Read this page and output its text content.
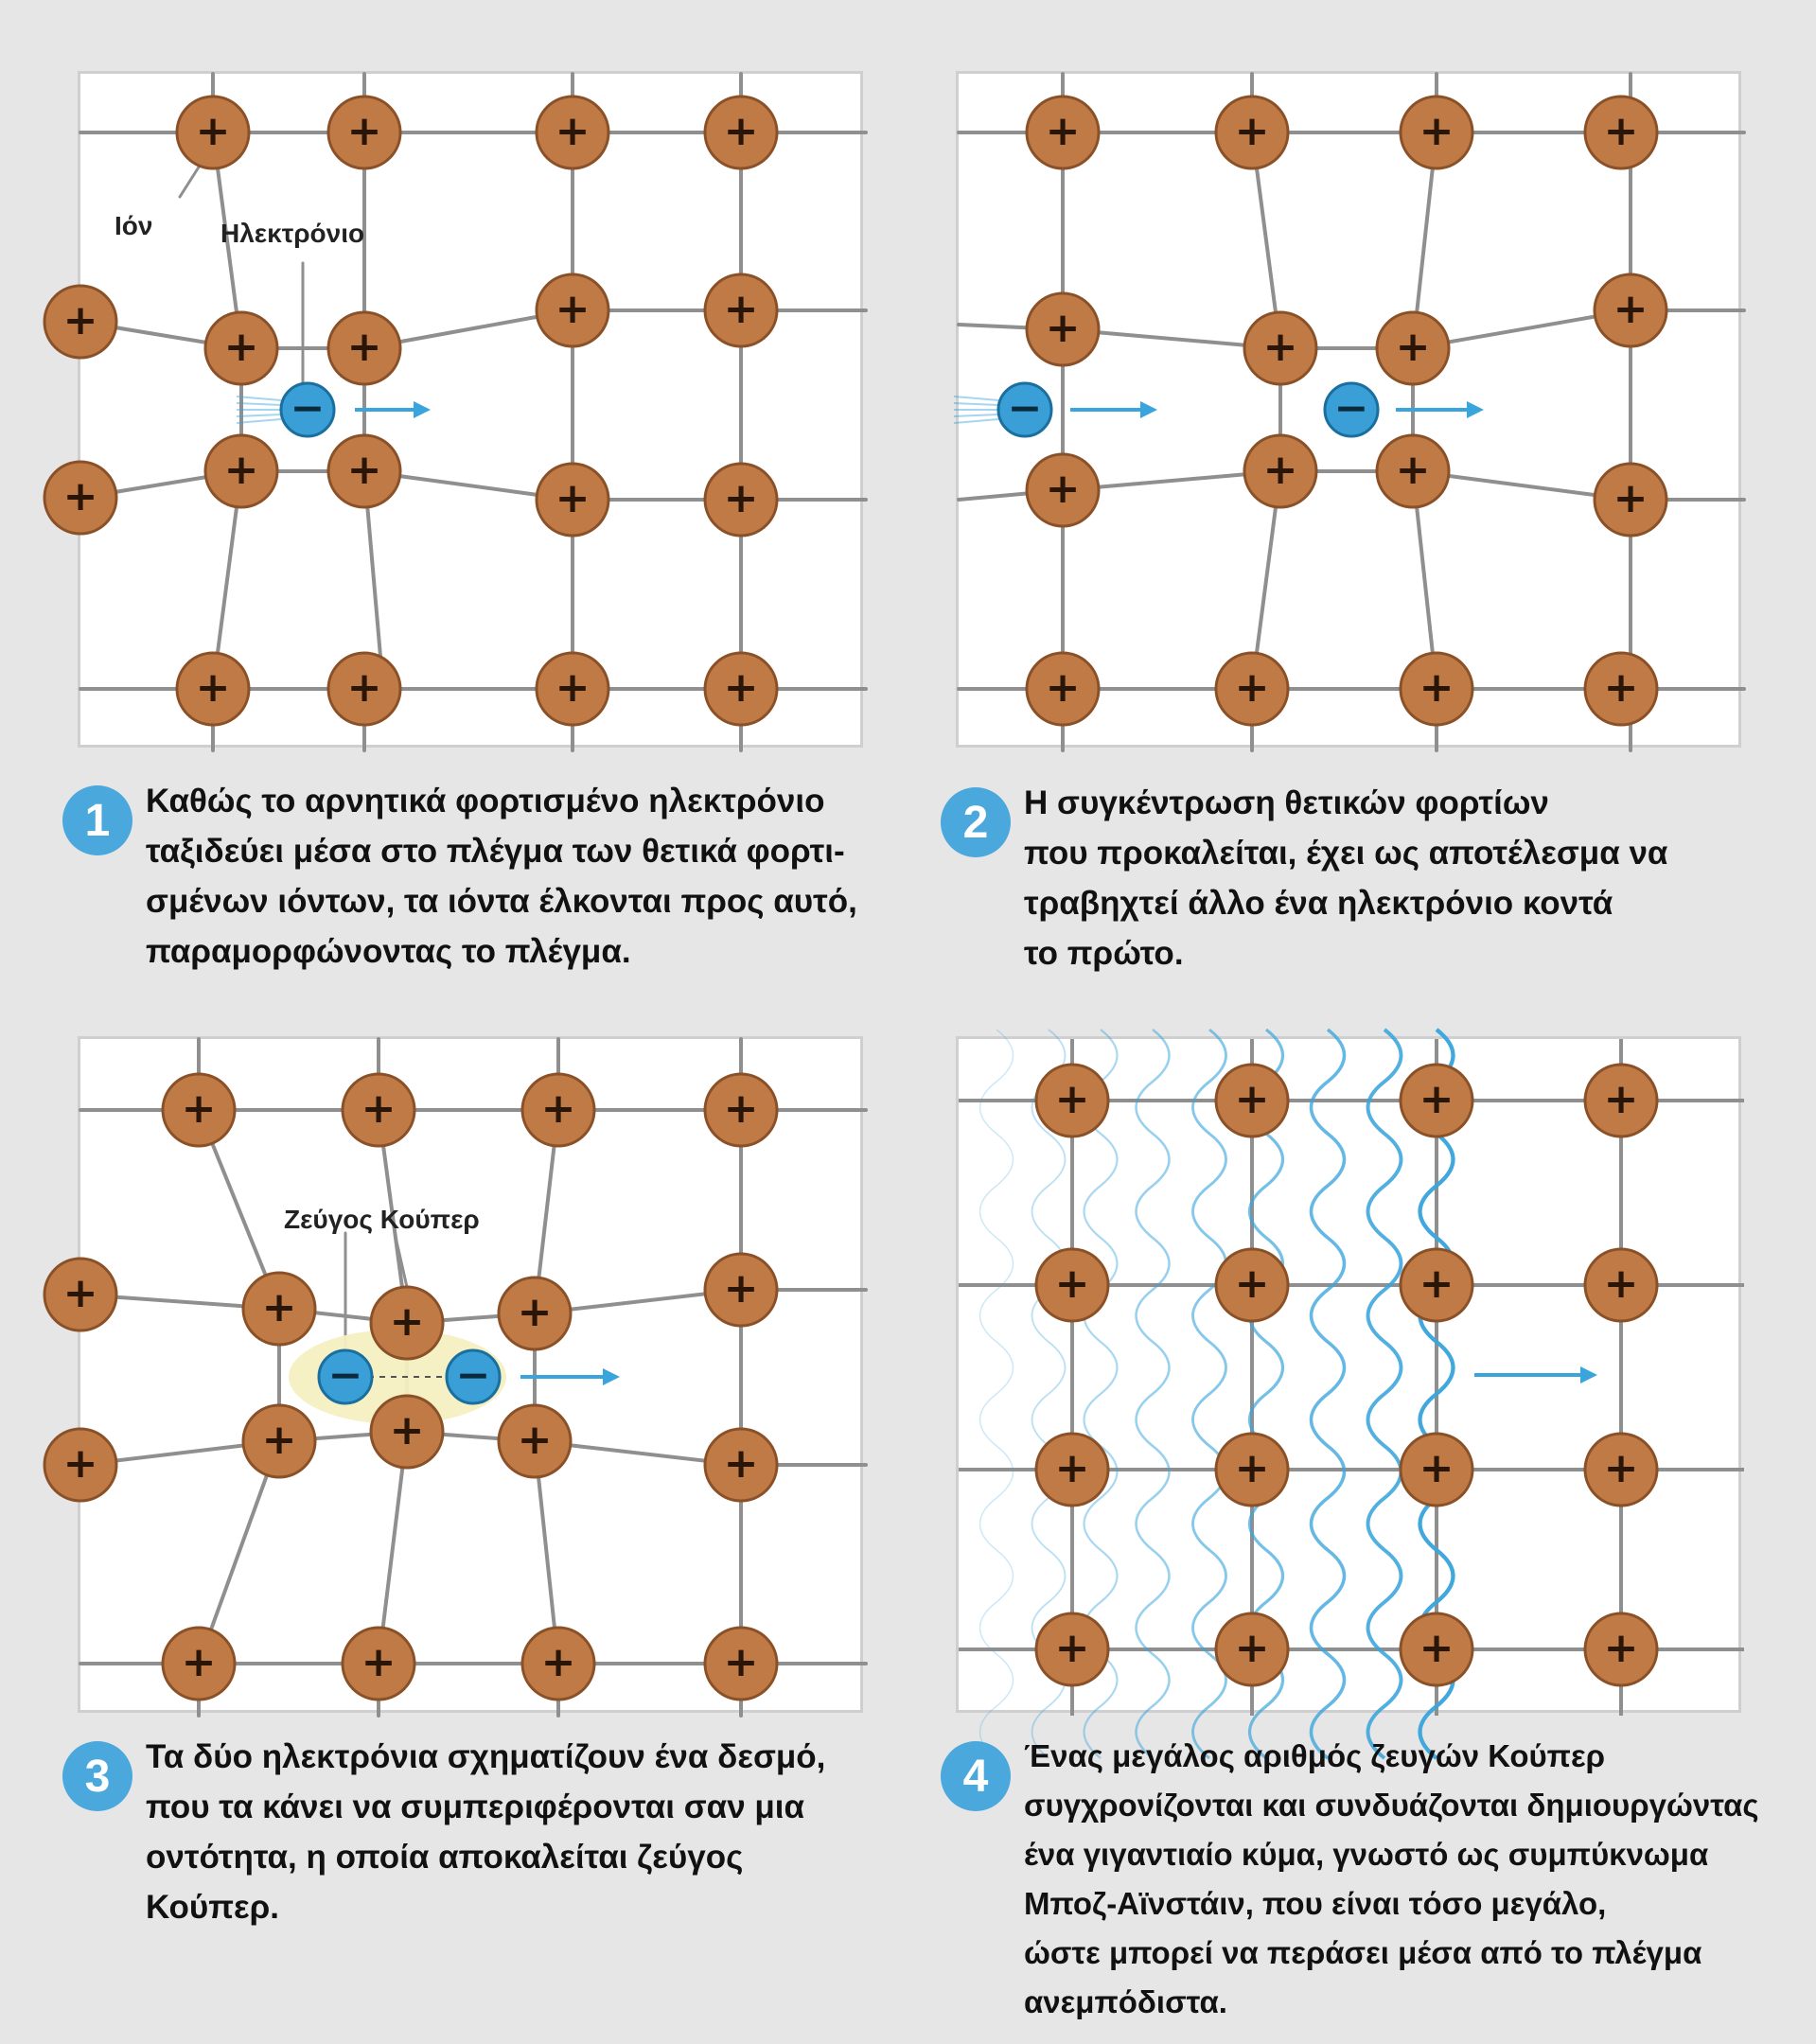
+	+	+	+
+ +
+	+
+ +
+	+
+	+	+	+
+
+
−
Ιόν	Ηλεκτρόνιο
+	+	+	+
+	+ +
+
+	+ +
+
+	+	+	+
−	−
+	+	+	+
+ + +	+
+ + +	+
+	+	+	+
+
+
− −
Ζεύγος Κούπερ
+	+	+	+
+	+	+	+
+	+	+	+
+	+	+	+
1	Καθώς το αρνητικά φορτισμένο ηλεκτρόνιο
ταξιδεύει μέσα στο πλέγμα των θετικά φορτι-
σμένων ιόντων, τα ιόντα έλκονται προς αυτό,
παραμορφώνοντας το πλέγμα.
2	Η συγκέντρωση θετικών φορτίων
που προκαλείται, έχει ως αποτέλεσμα να
τραβηχτεί άλλο ένα ηλεκτρόνιο κοντά
το πρώτο.
3	Τα δύο ηλεκτρόνια σχηματίζουν ένα δεσμό,
που τα κάνει να συμπεριφέρονται σαν μια
οντότητα, η οποία αποκαλείται ζεύγος
Κούπερ.
4	Ένας μεγάλος αριθμός ζευγών Κούπερ
συγχρονίζονται και συνδυάζονται δημιουργώντας
ένα γιγαντιαίο κύμα, γνωστό ως συμπύκνωμα
Μποζ-Αϊνστάιν, που είναι τόσο μεγάλο,
ώστε μπορεί να περάσει μέσα από το πλέγμα
ανεμπόδιστα.
